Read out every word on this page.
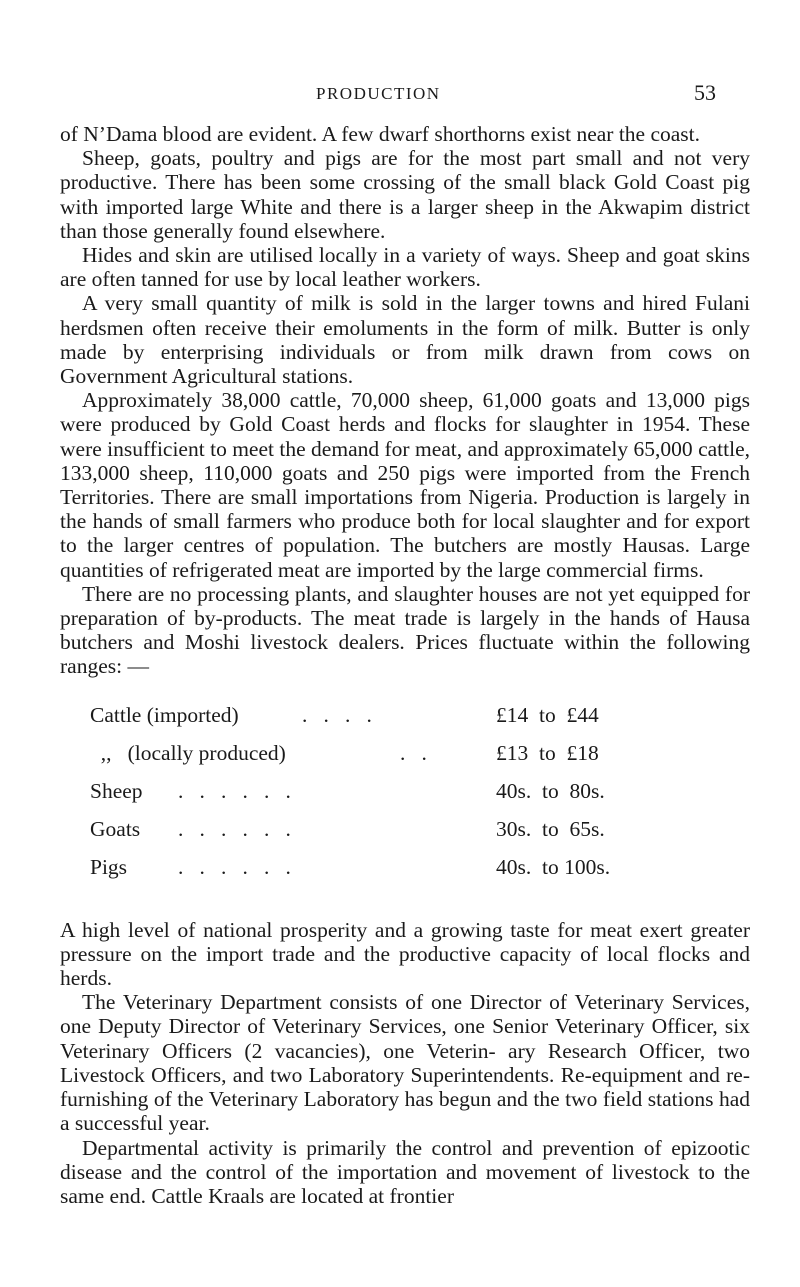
PRODUCTION	53

of N’Dama blood are evident. A few dwarf shorthorns exist near the coast.

Sheep, goats, poultry and pigs are for the most part small and not very productive. There has been some crossing of the small black Gold Coast pig with imported large White and there is a larger sheep in the Akwapim district than those generally found elsewhere.

Hides and skin are utilised locally in a variety of ways. Sheep and goat skins are often tanned for use by local leather workers.

A very small quantity of milk is sold in the larger towns and hired Fulani herdsmen often receive their emoluments in the form of milk. Butter is only made by enterprising individuals or from milk drawn from cows on Government Agricultural stations.

Approximately 38,000 cattle, 70,000 sheep, 61,000 goats and 13,000 pigs were produced by Gold Coast herds and flocks for slaughter in 1954. These were insufficient to meet the demand for meat, and approximately 65,000 cattle, 133,000 sheep, 110,000 goats and 250 pigs were imported from the French Territories. There are small importations from Nigeria. Production is largely in the hands of small farmers who produce both for local slaughter and for export to the larger centres of population. The butchers are mostly Hausas. Large quantities of refrigerated meat are imported by the large commercial firms.

There are no processing plants, and slaughter houses are not yet equipped for preparation of by-products. The meat trade is largely in the hands of Hausa butchers and Moshi livestock dealers. Prices fluctuate within the following ranges: —

Cattle (imported)	.   .   .   .	£14  to  £44
,,   (locally produced)	.   .	£13  to  £18
Sheep .   .   .   .   .   .	40s.  to  80s.
Goats .   .   .   .   .   .	30s.  to  65s.
Pigs .   .   .   .   .   .	40s.  to 100s.

A high level of national prosperity and a growing taste for meat exert greater pressure on the import trade and the productive capacity of local flocks and herds.

The Veterinary Department consists of one Director of Veterinary Services, one Deputy Director of Veterinary Services, one Senior Veterinary Officer, six Veterinary Officers (2 vacancies), one Veterin- ary Research Officer, two Livestock Officers, and two Laboratory Superintendents. Re-equipment and re-furnishing of the Veterinary Laboratory has begun and the two field stations had a successful year.

Departmental activity is primarily the control and prevention of epizootic disease and the control of the importation and movement of livestock to the same end. Cattle Kraals are located at frontier
